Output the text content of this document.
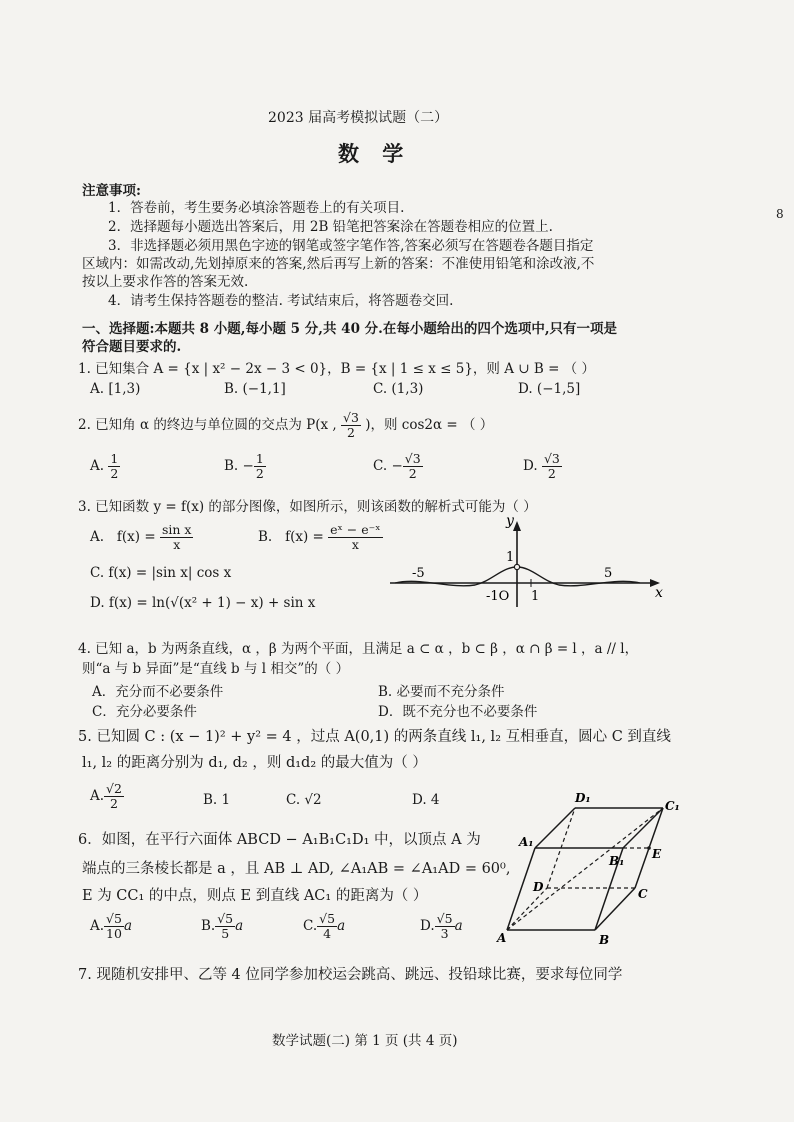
2023 届高考模拟试题（二）
数 学
8
注意事项:
1．答卷前，考生要务必填涂答题卷上的有关项目.
2．选择题每小题选出答案后，用 2B 铅笔把答案涂在答题卷相应的位置上.
3．非选择题必须用黑色字迹的钢笔或签字笔作答,答案必须写在答题卷各题目指定
区域内：如需改动,先划掉原来的答案,然后再写上新的答案：不准使用铅笔和涂改液,不
按以上要求作答的答案无效.
4．请考生保持答题卷的整洁. 考试结束后，将答题卷交回.
一、选择题:本题共 8 小题,每小题 5 分,共 40 分.在每小题给出的四个选项中,只有一项是
符合题目要求的.
1. 已知集合 A = {x | x² − 2x − 3 < 0}，B = {x | 1 ≤ x ≤ 5}，则 A ∪ B = （ ）
A. [1,3)	B. (−1,1]	C. (1,3)	D. (−1,5]
2. 已知角 α 的终边与单位圆的交点为 P(x , $\frac{√3}{2}$ )，则 cos2α = （ ）
A. $\frac{1}{2}$	B. − $\frac{1}{2}$	C. − $\frac{√3}{2}$	D. $\frac{√3}{2}$
3. 已知函数 y = f(x) 的部分图像，如图所示，则该函数的解析式可能为（ ）
A. $f(x) = \frac{\text{sin x}}{x}$	B. $f(x) = \frac{\text{eˣ − e⁻ˣ}}{x}$
C. f(x) = |sin x| cos x
D. f(x) = ln(√(x² + 1) − x) + sin x
y
x
1
-5	5
-1O 1
4. 已知 a，b 为两条直线，α ，β 为两个平面，且满足 a ⊂ α ，b ⊂ β ，α ∩ β = l ，a // l，
则“a 与 b 异面”是“直线 b 与 l 相交”的（ ）
A．充分而不必要条件	B. 必要而不充分条件
C．充分必要条件	D．既不充分也不必要条件
5. 已知圆 C : (x − 1)² + y² = 4 ，过点 A(0,1) 的两条直线 l₁, l₂ 互相垂直，圆心 C 到直线
l₁, l₂ 的距离分别为 d₁, d₂ ，则 d₁d₂ 的最大值为（ ）
A. $\frac{√2}{2}$	B. 1	C. √2	D. 4
6．如图，在平行六面体 ABCD − A₁B₁C₁D₁ 中，以顶点 A 为
端点的三条棱长都是 a ，且 AB ⊥ AD, ∠A₁AB = ∠A₁AD = 60⁰,
E 为 CC₁ 的中点，则点 E 到直线 AC₁ 的距离为（ ）
A. $\frac{√5}{10}$ a	B. $\frac{√5}{5}$ a	C. $\frac{√5}{4}$ a	D. $\frac{√5}{3}$ a
A	B
C
D
A₁
B₁
C₁
D₁
E
7. 现随机安排甲、乙等 4 位同学参加校运会跳高、跳远、投铅球比赛，要求每位同学
数学试题(二) 第 1 页 (共 4 页)
